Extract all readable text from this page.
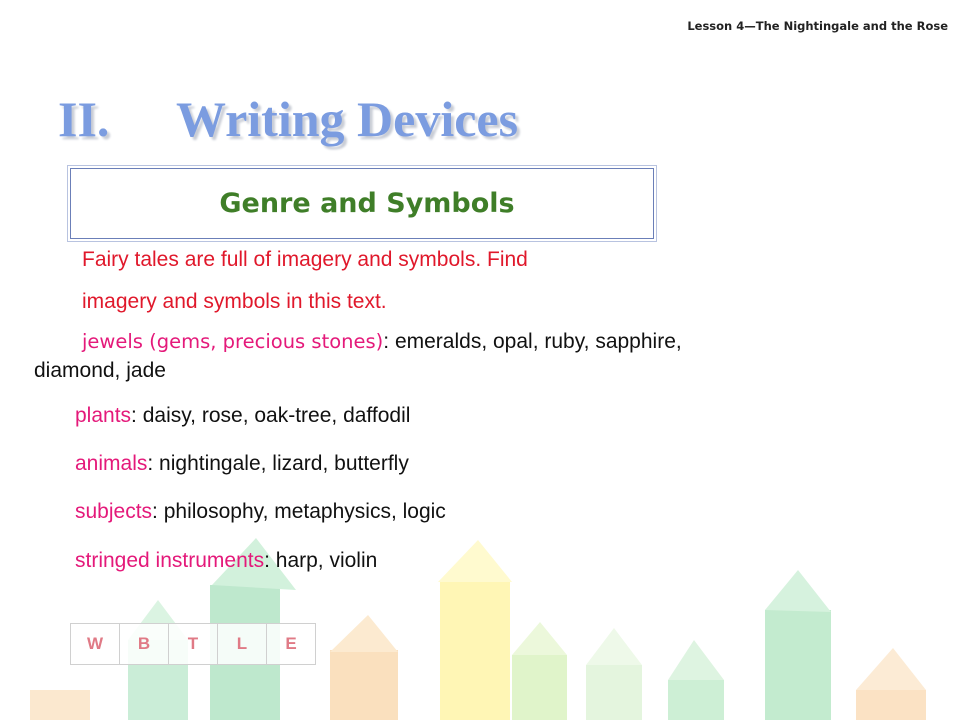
Lesson 4—The Nightingale and the Rose
II.	Writing Devices
Genre and Symbols
Fairy tales are full of imagery and symbols. Find
imagery and symbols in this text.
jewels (gems, precious stones): emeralds, opal, ruby, sapphire, diamond, jade
plants: daisy, rose, oak-tree, daffodil
animals: nightingale, lizard, butterfly
subjects: philosophy, metaphysics, logic
stringed instruments: harp, violin
W	B	T	L	E
